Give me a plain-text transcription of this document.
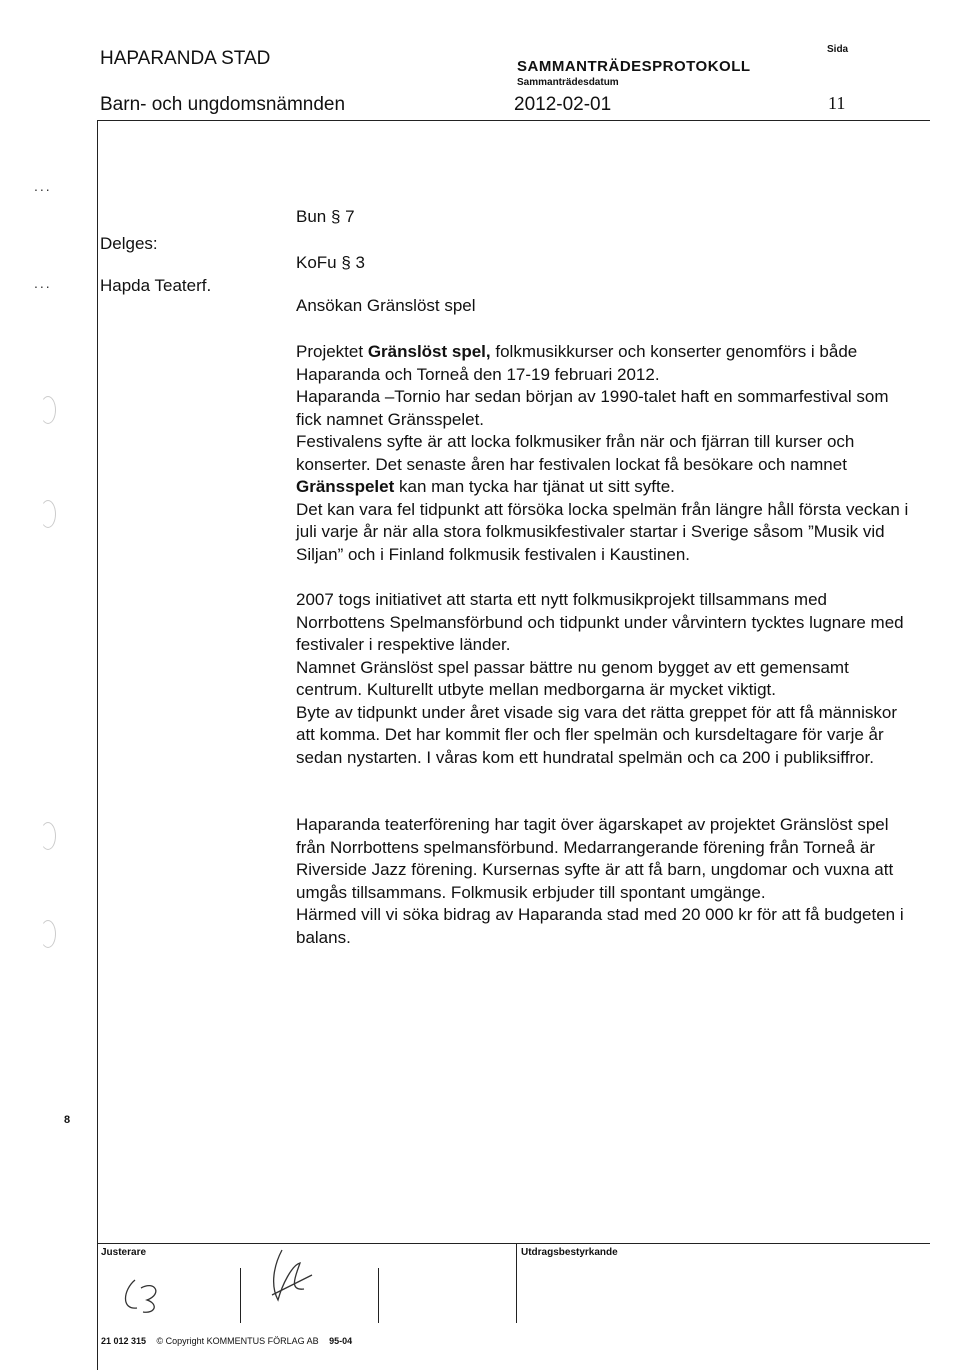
HAPARANDA STAD
Barn- och ungdomsnämnden
SAMMANTRÄDESPROTOKOLL
Sammanträdesdatum
2012-02-01
Sida
11
...
...
Delges:
Hapda Teaterf.
8
Bun § 7
KoFu § 3
Ansökan Gränslöst spel

Projektet Gränslöst spel, folkmusikkurser och konserter genomförs i både Haparanda och Torneå den 17-19 februari 2012.

Haparanda –Tornio har sedan början av 1990-talet haft en sommarfestival som fick namnet Gränsspelet.

Festivalens syfte är att locka folkmusiker från när och fjärran till kurser och konserter. Det senaste åren har festivalen lockat få besökare och namnet Gränsspelet kan man tycka har tjänat ut sitt syfte.

Det kan vara fel tidpunkt att försöka locka spelmän från längre håll första veckan i juli varje år när alla stora folkmusikfestivaler startar i Sverige såsom ”Musik vid Siljan” och i Finland folkmusik festivalen i Kaustinen.

2007 togs initiativet att starta ett nytt folkmusikprojekt tillsammans med Norrbottens Spelmansförbund och tidpunkt under vårvintern tycktes lugnare med festivaler i respektive länder.

Namnet Gränslöst spel passar bättre nu genom bygget av ett gemensamt centrum. Kulturellt utbyte mellan medborgarna är mycket viktigt.

Byte av tidpunkt under året visade sig vara det rätta greppet för att få människor att komma. Det har kommit fler och fler spelmän och kursdeltagare för varje år sedan nystarten. I våras kom ett hundratal spelmän och ca 200 i publiksiffror.

Haparanda teaterförening har tagit över ägarskapet av projektet Gränslöst spel från Norrbottens spelmansförbund. Medarrangerande förening från Torneå är Riverside Jazz förening. Kursernas syfte är att få barn, ungdomar och vuxna att umgås tillsammans. Folkmusik erbjuder till spontant umgänge.

Härmed vill vi söka bidrag av Haparanda stad med 20 000 kr för att få budgeten i balans.

Justerare	Utdragsbestyrkande
21 012 315 © Copyright KOMMENTUS FÖRLAG AB 95-04
